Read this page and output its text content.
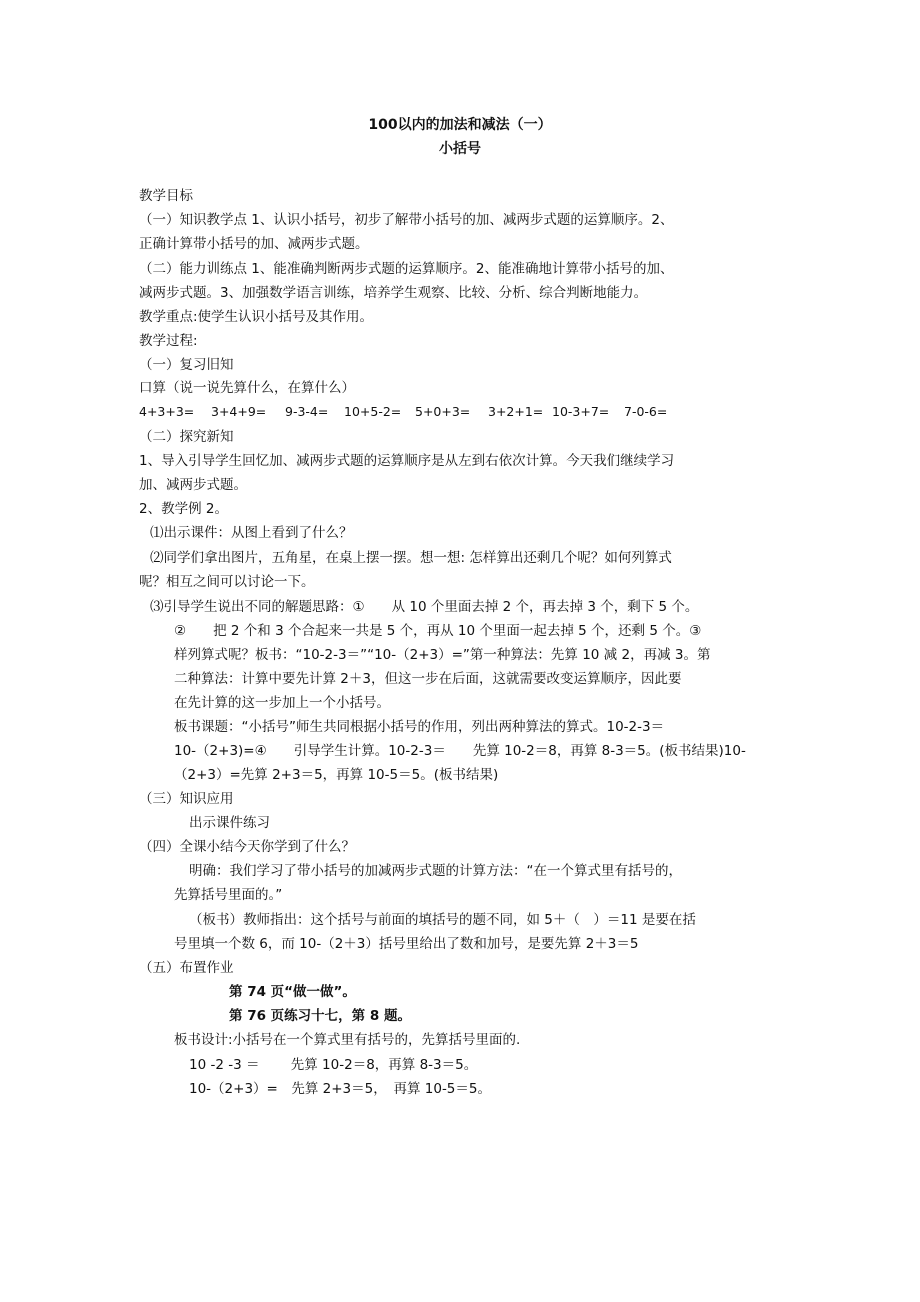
100以内的加法和减法（一）
小括号
教学目标
（一）知识教学点 1、认识小括号，初步了解带小括号的加、减两步式题的运算顺序。2、
正确计算带小括号的加、减两步式题。
（二）能力训练点 1、能准确判断两步式题的运算顺序。2、能准确地计算带小括号的加、
减两步式题。3、加强数学语言训练，培养学生观察、比较、分析、综合判断地能力。
教学重点:使学生认识小括号及其作用。
教学过程:
（一）复习旧知
口算（说一说先算什么，在算什么）
4+3+3= 3+4+9= 9-3-4= 10+5-2= 5+0+3= 3+2+1= 10-3+7= 7-0-6=
（二）探究新知
1、导入引导学生回忆加、减两步式题的运算顺序是从左到右依次计算。今天我们继续学习
加、减两步式题。
2、教学例 2。
⑴出示课件：从图上看到了什么？
⑵同学们拿出图片，五角星，在桌上摆一摆。想一想: 怎样算出还剩几个呢？如何列算式
呢？相互之间可以讨论一下。
⑶引导学生说出不同的解题思路：①　　从 10 个里面去掉 2 个，再去掉 3 个，剩下 5 个。
②　　把 2 个和 3 个合起来一共是 5 个，再从 10 个里面一起去掉 5 个，还剩 5 个。③
样列算式呢？板书：“10-2-3＝”“10-（2+3）=”第一种算法：先算 10 减 2，再减 3。第
二种算法：计算中要先计算 2＋3，但这一步在后面，这就需要改变运算顺序，因此要
在先计算的这一步加上一个小括号。
板书课题：“小括号”师生共同根据小括号的作用，列出两种算法的算式。10-2-3＝
10-（2+3)=④　　引导学生计算。10-2-3＝　　先算 10-2＝8，再算 8-3＝5。(板书结果)10-
（2+3）=先算 2+3＝5，再算 10-5＝5。(板书结果)
（三）知识应用
出示课件练习
（四）全课小结今天你学到了什么？
明确：我们学习了带小括号的加减两步式题的计算方法：“在一个算式里有括号的，
先算括号里面的。”
（板书）教师指出：这个括号与前面的填括号的题不同，如 5＋（　）＝11 是要在括
号里填一个数 6，而 10-（2＋3）括号里给出了数和加号，是要先算 2＋3＝5
（五）布置作业
第 74 页“做一做”。
第 76 页练习十七，第 8 题。
板书设计:小括号在一个算式里有括号的，先算括号里面的.
10 -2 -3 ＝　　 先算 10-2＝8，再算 8-3＝5。
10-（2+3）=　先算 2+3＝5，　再算 10-5＝5。
